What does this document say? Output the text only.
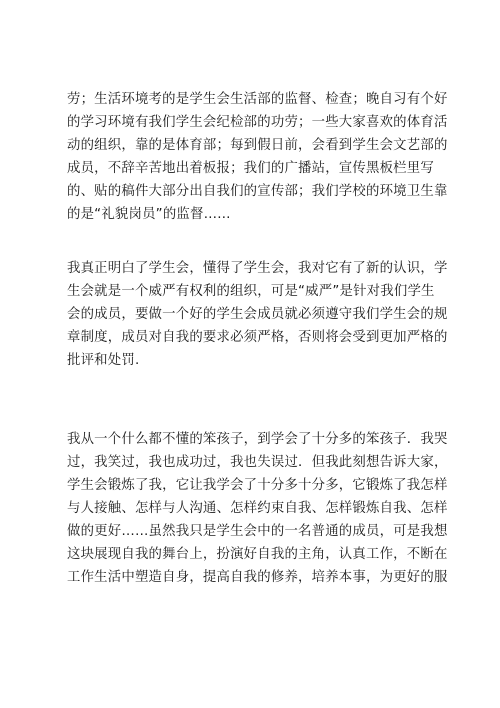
劳；生活环境考的是学生会生活部的监督、检查；晚自习有个好
的学习环境有我们学生会纪检部的功劳；一些大家喜欢的体育活
动的组织，靠的是体育部；每到假日前，会看到学生会文艺部的
成员，不辞辛苦地出着板报；我们的广播站，宣传黑板栏里写
的、贴的稿件大部分出自我们的宣传部；我们学校的环境卫生靠
的是“礼貌岗员”的监督……
我真正明白了学生会，懂得了学生会，我对它有了新的认识，学
生会就是一个威严有权利的组织，可是“威严”是针对我们学生
会的成员，要做一个好的学生会成员就必须遵守我们学生会的规
章制度，成员对自我的要求必须严格，否则将会受到更加严格的
批评和处罚.
我从一个什么都不懂的笨孩子，到学会了十分多的笨孩子．我哭
过，我笑过，我也成功过，我也失误过．但我此刻想告诉大家，
学生会锻炼了我，它让我学会了十分多十分多，它锻炼了我怎样
与人接触、怎样与人沟通、怎样约束自我、怎样锻炼自我、怎样
做的更好……虽然我只是学生会中的一名普通的成员，可是我想
这块展现自我的舞台上，扮演好自我的主角，认真工作，不断在
工作生活中塑造自身，提高自我的修养，培养本事，为更好的服
